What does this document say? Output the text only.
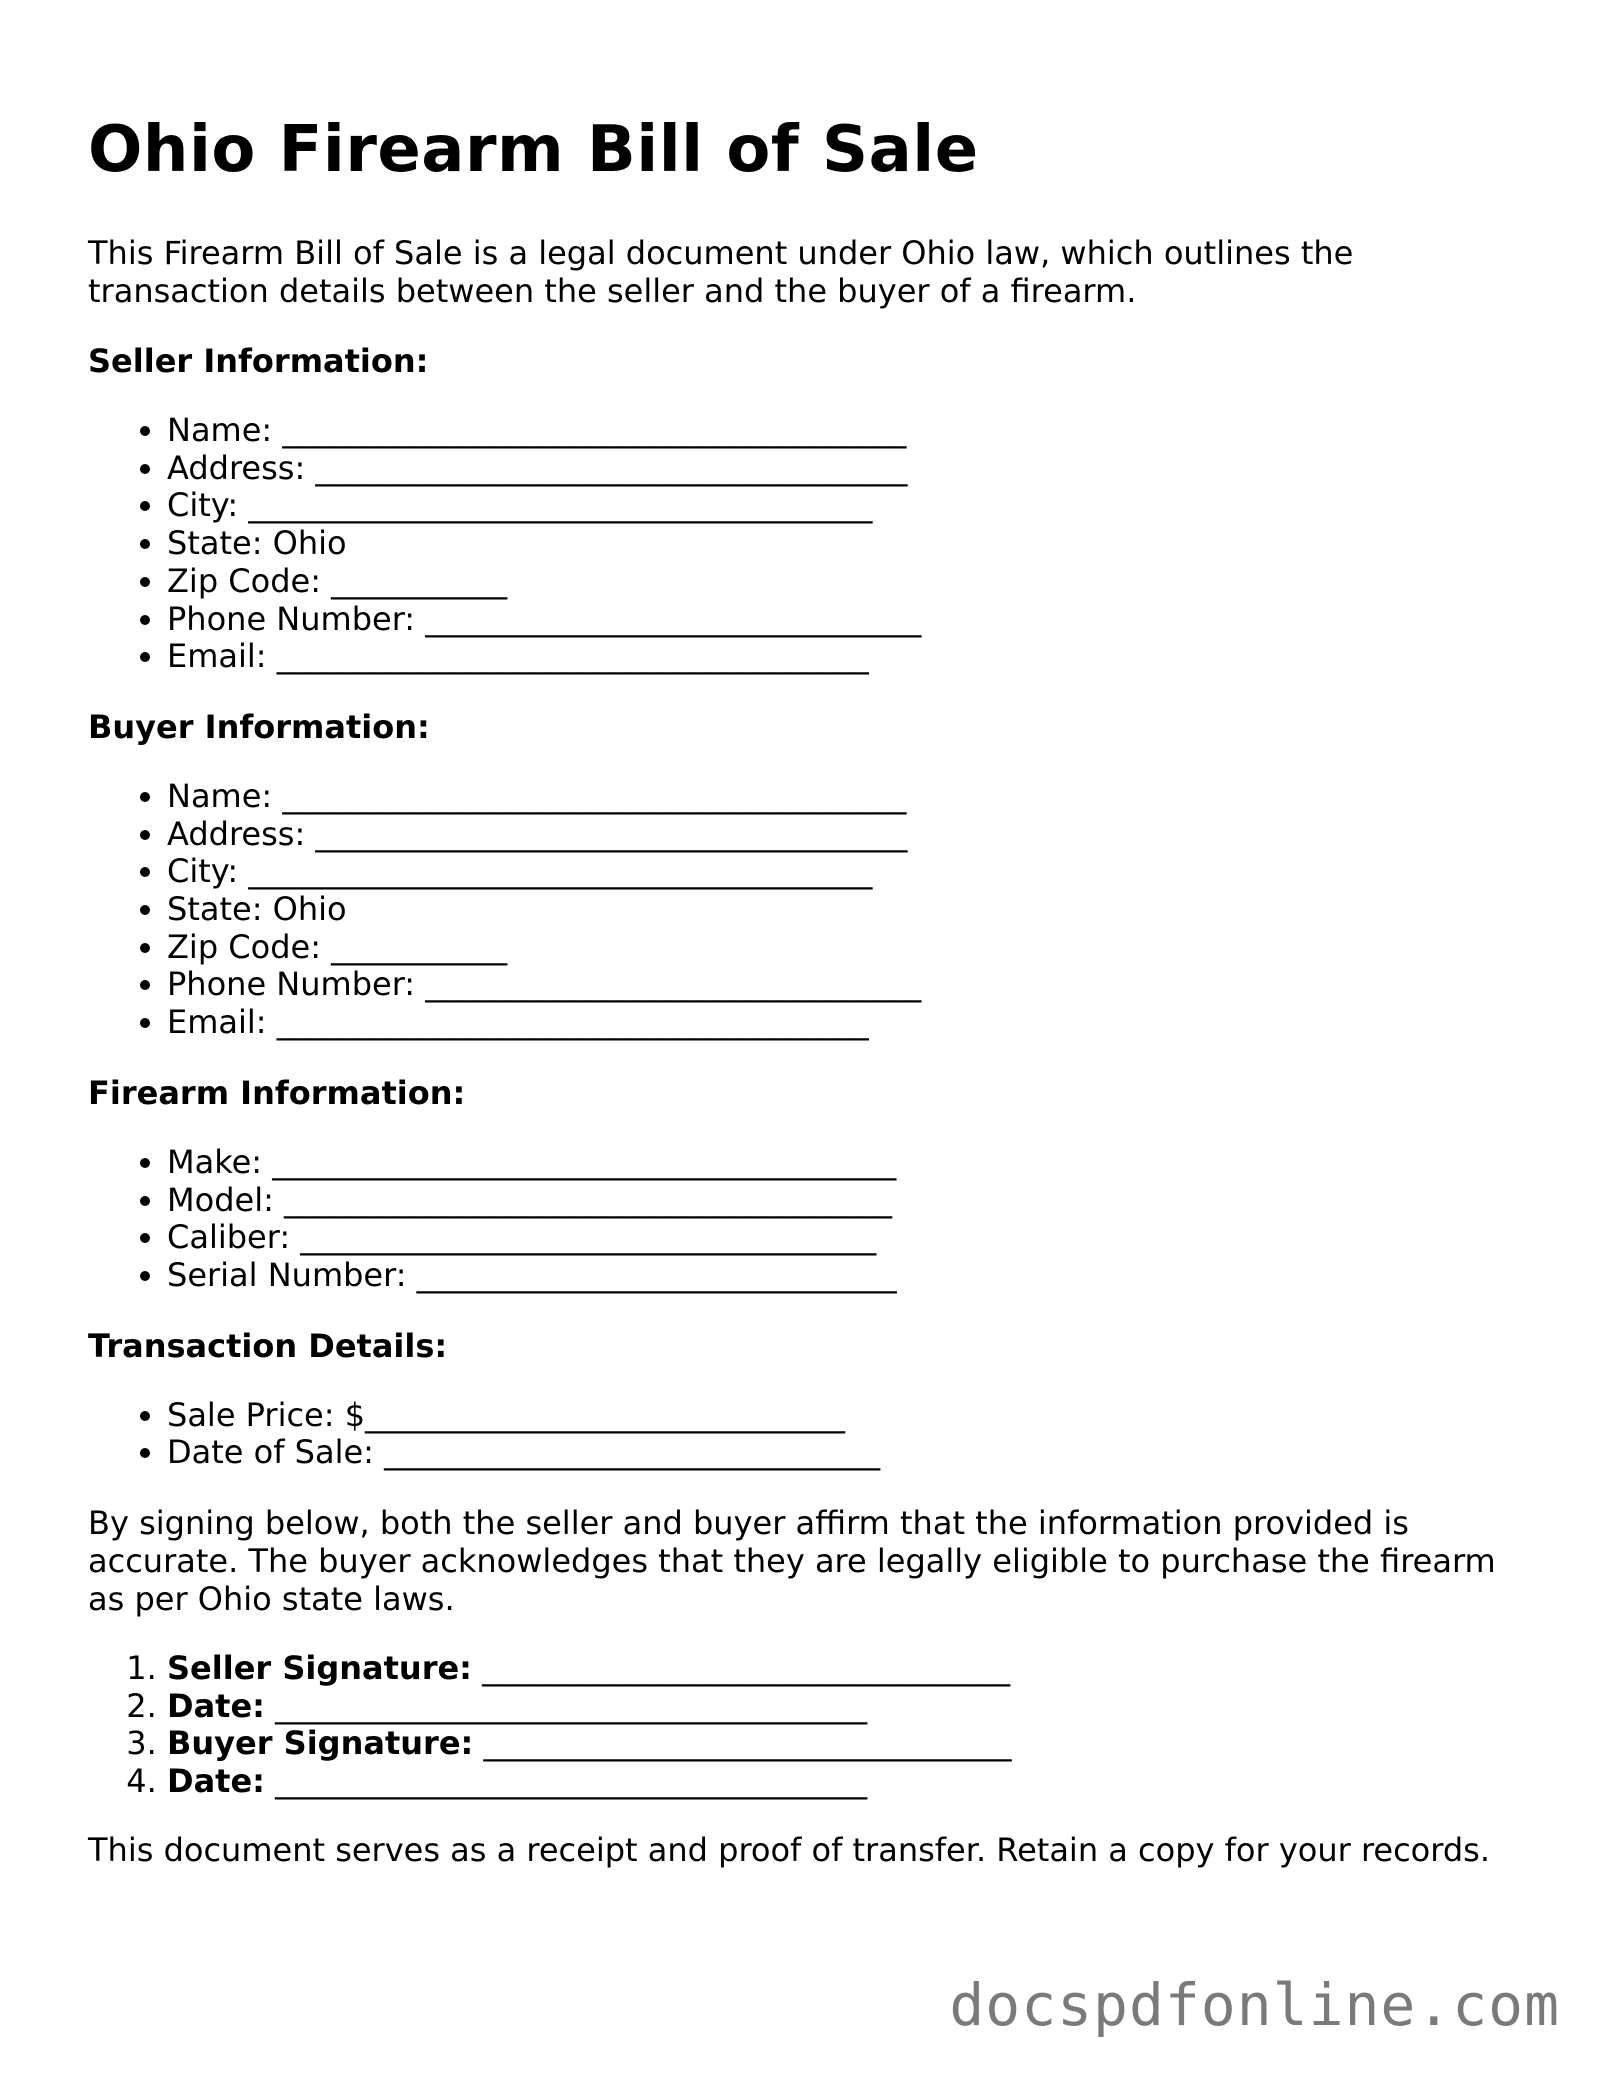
Ohio Firearm Bill of Sale

This Firearm Bill of Sale is a legal document under Ohio law, which outlines the transaction details between the seller and the buyer of a firearm.

Seller Information:
• Name: _______________________________________
• Address: _____________________________________
• City: _______________________________________
• State: Ohio
• Zip Code: ___________
• Phone Number: _______________________________
• Email: _____________________________________
Buyer Information:
• Name: _______________________________________
• Address: _____________________________________
• City: _______________________________________
• State: Ohio
• Zip Code: ___________
• Phone Number: _______________________________
• Email: _____________________________________
Firearm Information:
• Make: _______________________________________
• Model: ______________________________________
• Caliber: ____________________________________
• Serial Number: ______________________________
Transaction Details:
• Sale Price: $______________________________
• Date of Sale: _______________________________

By signing below, both the seller and buyer affirm that the information provided is accurate. The buyer acknowledges that they are legally eligible to purchase the firearm as per Ohio state laws.

1. Seller Signature: _________________________________
2. Date: _____________________________________
3. Buyer Signature: _________________________________
4. Date: _____________________________________

This document serves as a receipt and proof of transfer. Retain a copy for your records.

docspdfonline.com
